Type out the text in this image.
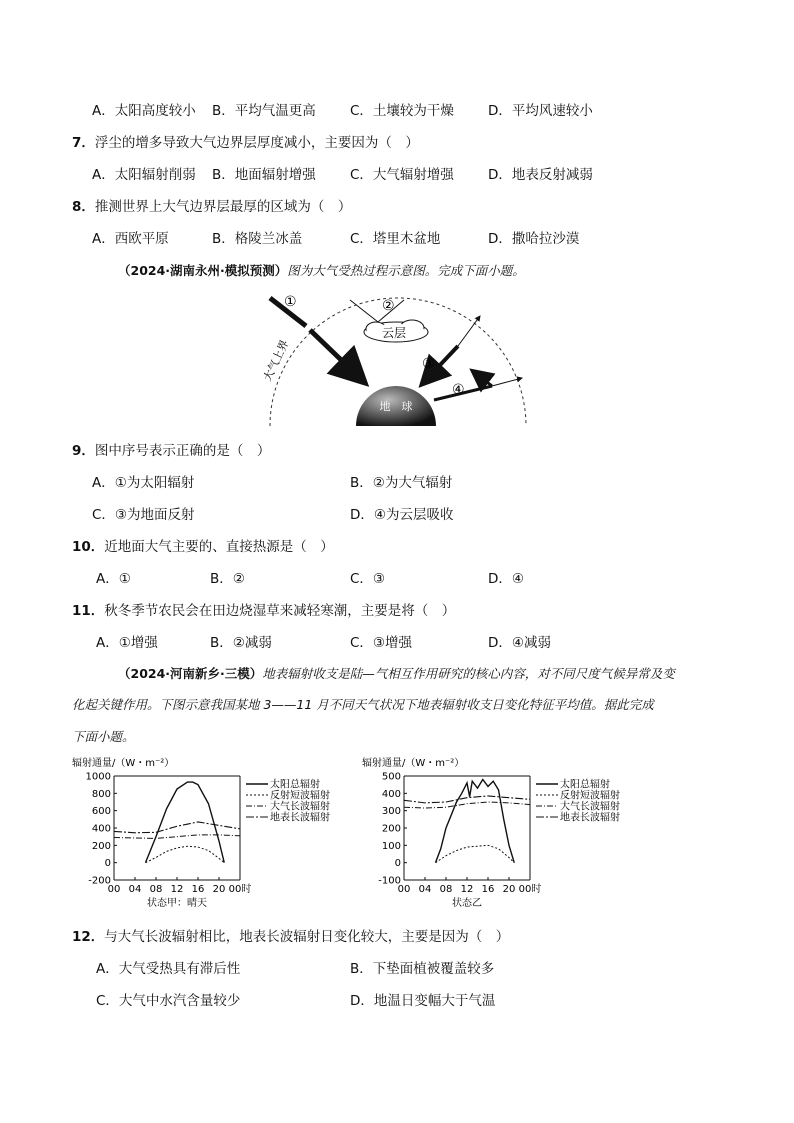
A．太阳高度较小 B．平均气温更高	C．土壤较为干燥	D．平均风速较小
7．浮尘的增多导致大气边界层厚度减小，主要因为（　）
A．太阳辐射削弱 B．地面辐射增强	C．大气辐射增强	D．地表反射减弱
8．推测世界上大气边界层最厚的区域为（　）
A．西欧平原	B．格陵兰冰盖	C．塔里木盆地	D．撒哈拉沙漠
（2024·湖南永州·模拟预测）图为大气受热过程示意图。完成下面小题。
地　球
①	②
云层
③
④
大气上界
9．图中序号表示正确的是（　）
A．①为太阳辐射	B．②为大气辐射
C．③为地面反射	D．④为云层吸收
10．近地面大气主要的、直接热源是（　）
A．①	B．②	C．③	D．④
11．秋冬季节农民会在田边烧湿草来减轻寒潮，主要是将（　）
A．①增强	B．②减弱	C．③增强	D．④减弱
（2024·河南新乡·三模）地表辐射收支是陆—气相互作用研究的核心内容，对不同尺度气候异常及变
化起关键作用。下图示意我国某地 3——11 月不同天气状况下地表辐射收支日变化特征平均值。据此完成
下面小题。
辐射通量/（W・m⁻²）
-200
0
200
400
600
800
1000
00 04 08 12 16 20 00时
太阳总辐射
反射短波辐射
大气长波辐射
地表长波辐射
状态甲：晴天
辐射通量/（W・m⁻²）
-100
0
100
200
300
400
500
00 04 08 12 16 20 00时
太阳总辐射
反射短波辐射
大气长波辐射
地表长波辐射
状态乙
12．与大气长波辐射相比，地表长波辐射日变化较大，主要是因为（　）
A．大气受热具有滞后性	B．下垫面植被覆盖较多
C．大气中水汽含量较少	D．地温日变幅大于气温
